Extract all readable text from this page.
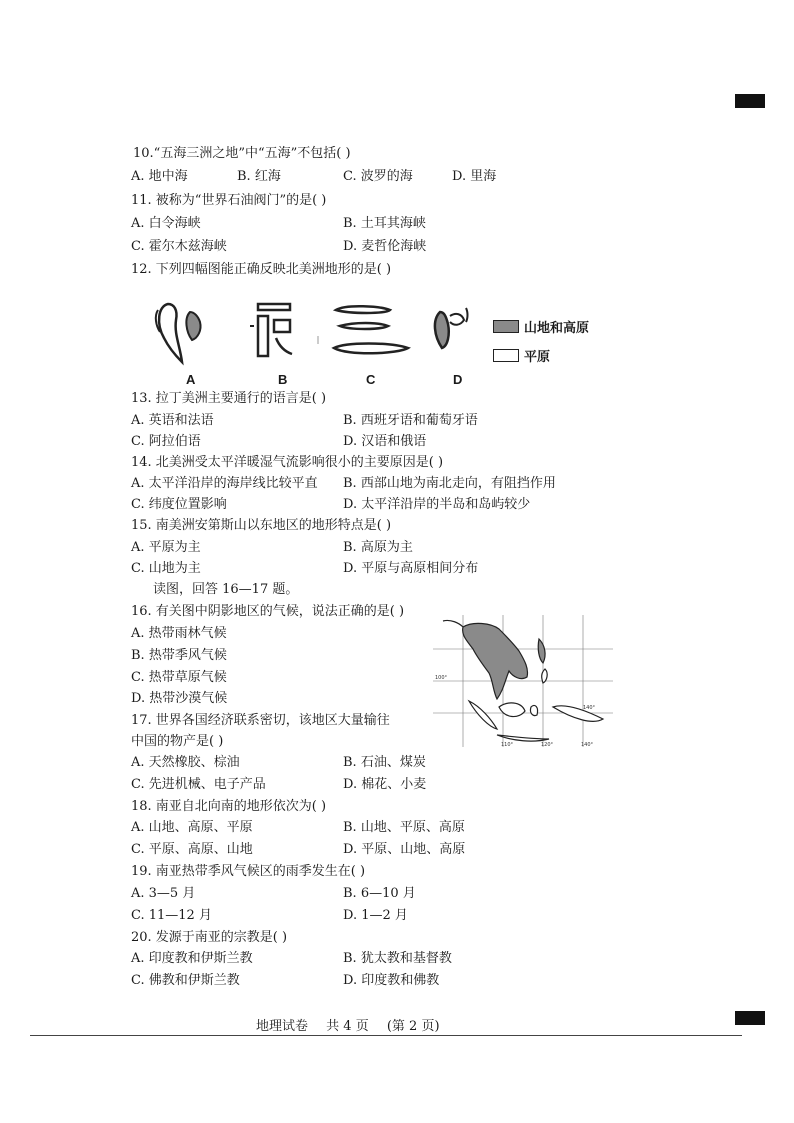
10.“五海三洲之地”中“五海”不包括( )
A. 地中海	B. 红海	C. 波罗的海	D. 里海
11. 被称为“世界石油阀门”的是( )
A. 白令海峡	B. 土耳其海峡
C. 霍尔木兹海峡	D. 麦哲伦海峡
12. 下列四幅图能正确反映北美洲地形的是( )
A	B	C	D
山地和高原
平原
13. 拉丁美洲主要通行的语言是( )
A. 英语和法语	B. 西班牙语和葡萄牙语
C. 阿拉伯语	D. 汉语和俄语
14. 北美洲受太平洋暖湿气流影响很小的主要原因是( )
A. 太平洋沿岸的海岸线比较平直 B. 西部山地为南北走向，有阻挡作用
C. 纬度位置影响	D. 太平洋沿岸的半岛和岛屿较少
15. 南美洲安第斯山以东地区的地形特点是( )
A. 平原为主	B. 高原为主
C. 山地为主	D. 平原与高原相间分布
读图，回答 16—17 题。
16. 有关图中阴影地区的气候，说法正确的是( )
A. 热带雨林气候
B. 热带季风气候
C. 热带草原气候
D. 热带沙漠气候
100°
110°	120°	140°
140°
17. 世界各国经济联系密切，该地区大量输往
中国的物产是( )
A. 天然橡胶、棕油	B. 石油、煤炭
C. 先进机械、电子产品	D. 棉花、小麦
18. 南亚自北向南的地形依次为( )
A. 山地、高原、平原	B. 山地、平原、高原
C. 平原、高原、山地	D. 平原、山地、高原
19. 南亚热带季风气候区的雨季发生在( )
A. 3—5 月	B. 6—10 月
C. 11—12 月	D. 1—2 月
20. 发源于南亚的宗教是( )
A. 印度教和伊斯兰教	B. 犹太教和基督教
C. 佛教和伊斯兰教	D. 印度教和佛教
地理试卷 共 4 页 (第 2 页)
